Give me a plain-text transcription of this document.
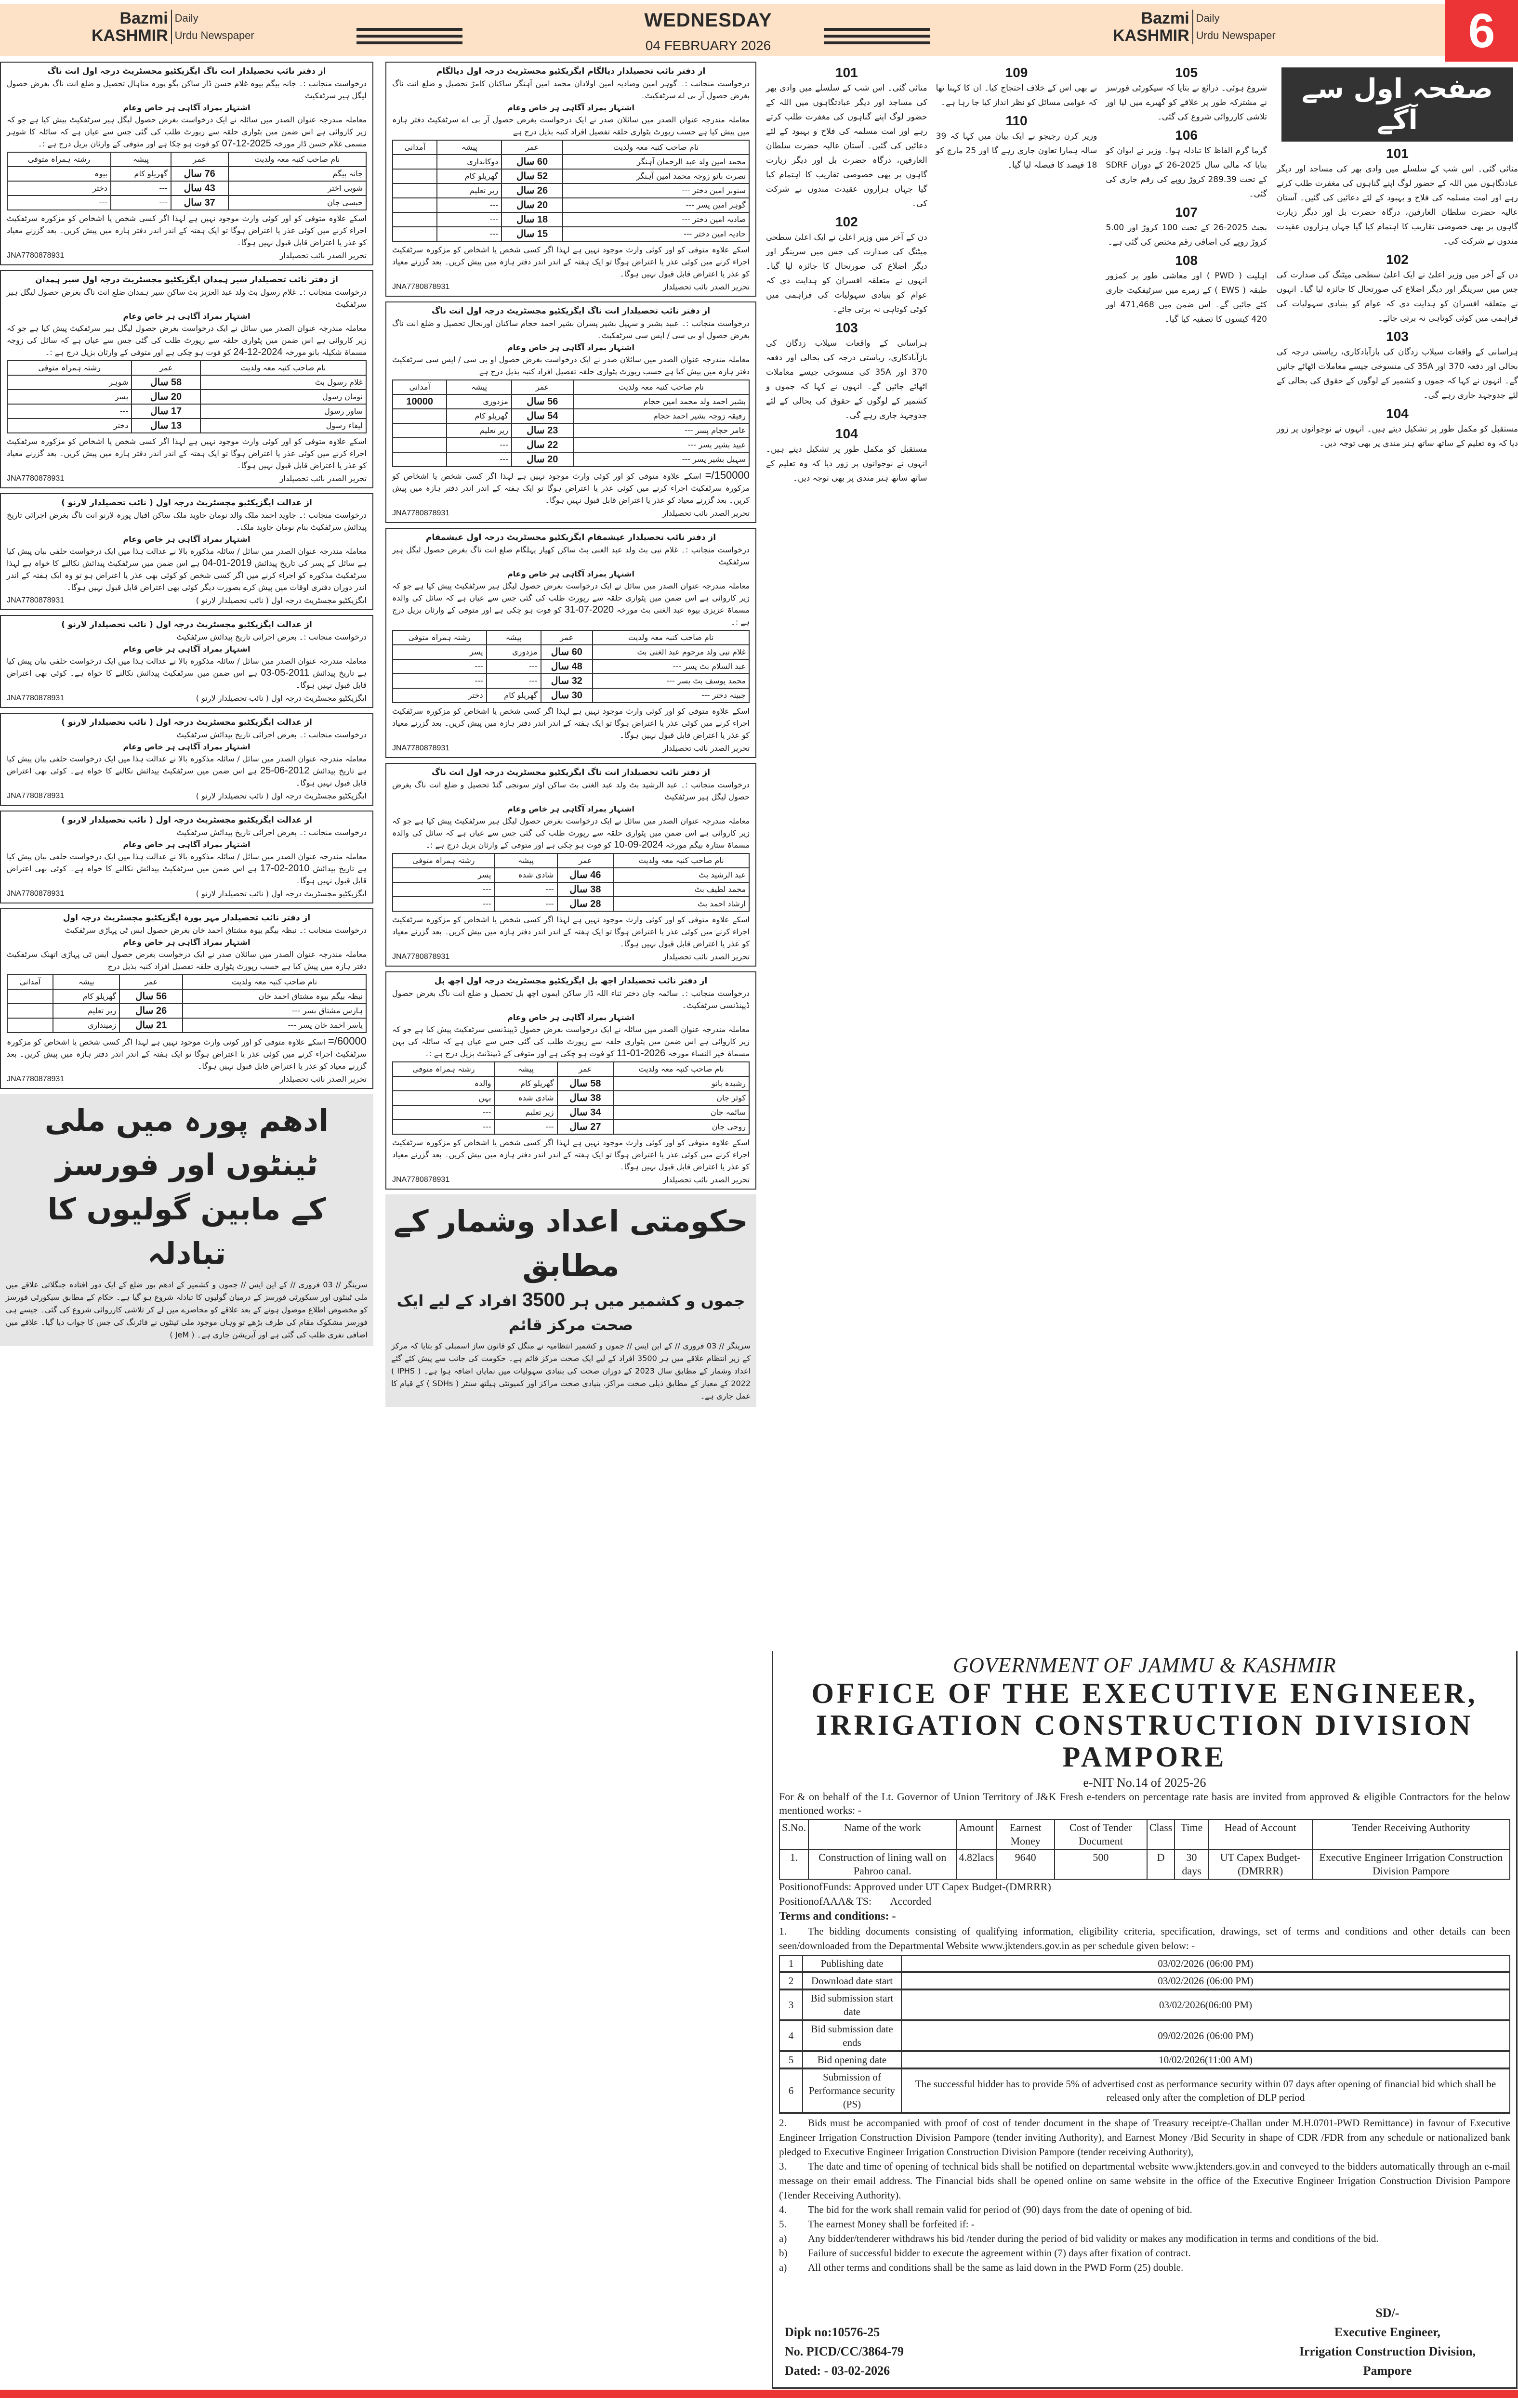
Bazmi
KASHMIR
Daily
Urdu Newspaper
WEDNESDAY
04 FEBRUARY 2026
Bazmi
KASHMIR
Daily
Urdu Newspaper	6
از دفتر نائب تحصیلدار انت ناگ ایگزیکٹیو مجسٹریٹ درجہ اول انت ناگ

درخواست منجانب :۔ جانہ بیگم بیوہ غلام حسن ڈار ساکن بگو پورہ مناہال تحصیل و ضلع انت ناگ بغرض حصول لیگل ہیر سرٹفکیٹ

اشتہار بمراد آگاہی ہر خاص وعام

معاملہ مندرجہ عنوان الصدر میں سائلہ نے ایک درخواست بغرض حصول لیگل ہیر سرٹفکیٹ پیش کیا ہے جو کہ زیر کاروائی ہے اس ضمن میں پٹواری حلقہ سے رپورٹ طلب کی گئی جس سے عیاں ہے کہ سائلہ کا شوہر مسمی غلام حسن ڈار مورخہ 07-12-2025 کو فوت ہو چکا ہے اور متوفی کے وارثان بزیل درج ہے :۔

نام صاحب کنبہ معہ ولدیت	عمر	پیشہ	رشتہ ہمراہ متوفی
جانہ بیگم	76 سال	گھریلو کام	بیوہ
شوبی اختر	43 سال	---	دختر
حبسی جان	37 سال	---	---

اسکے علاوہ متوفی کو اور کوئی وارث موجود نہیں ہے لہذا اگر کسی شخص یا اشخاص کو مزکورہ سرٹفکیٹ اجراء کرنے میں کوئی عذر یا اعتراض ہوگا تو ایک ہفتہ کے اندر اندر دفتر ہازہ میں پیش کریں۔ بعد گزرنے معیاد کو عذر یا اعتراض قابل قبول نہیں ہوگا۔

تحریر الصدر نائب تحصیلدار
JNA7780878931
از دفتر نائب تحصیلدار سیر ہمدان ایگزیکٹیو مجسٹریٹ درجہ اول سیر ہمدان

درخواست منجانب :۔ غلام رسول بٹ ولد عبد العزیز بٹ ساکن سیر ہمدان ضلع انت ناگ بغرض حصول لیگل ہیر سرٹفکیٹ

اشتہار بمراد آگاہی ہر خاص وعام

معاملہ مندرجہ عنوان الصدر میں سائل نے ایک درخواست بغرض حصول لیگل ہیر سرٹفکیٹ پیش کیا ہے جو کہ زیر کاروائی ہے اس ضمن میں پٹواری حلقہ سے رپورٹ طلب کی گئی جس سے عیاں ہے کہ سائل کی زوجہ مسماۃ شکیلہ بانو مورخہ 24-12-2024 کو فوت ہو چکی ہے اور متوفی کے وارثان بزیل درج ہے :۔

نام صاحب کنبہ معہ ولدیت	عمر	رشتہ ہمراہ متوفی
غلام رسول بٹ	58 سال	شوہر
نومان رسول	20 سال	پسر
ساور رسول	17 سال	---
لیقاء رسول	13 سال	دختر

اسکے علاوہ متوفی کو اور کوئی وارث موجود نہیں ہے لہذا اگر کسی شخص یا اشخاص کو مزکورہ سرٹفکیٹ اجراء کرنے میں کوئی عذر یا اعتراض ہوگا تو ایک ہفتہ کے اندر اندر دفتر ہازہ میں پیش کریں۔ بعد گزرنے معیاد کو عذر یا اعتراض قابل قبول نہیں ہوگا۔

تحریر الصدر نائب تحصیلدار
JNA7780878931
از عدالت ایگزیکٹیو مجسٹریٹ درجہ اول ( نائب تحصیلدار لارنو )

درخواست منجانب :۔ جاوید احمد ملک والد نومان جاوید ملک ساکن اقبال پورہ لارنو انت ناگ بغرض اجرائی تاریخ پیدائش سرٹفکیٹ بنام نومان جاوید ملک۔

اشتہار بمراد آگاہی ہر خاص وعام

معاملہ مندرجہ عنوان الصدر میں سائل / سائلہ مذکورہ بالا نے عدالت ہذا میں ایک درخواست حلفی بیان پیش کیا ہے سائل کے پسر کی تاریخ پیدائش 04-01-2019 ہے اس ضمن میں سرٹفکیٹ پیدائش نکالنے کا خواہ ہے لہذا سرٹفکیٹ مذکورہ کو اجراء کرنے میں اگر کسی شخص کو کوئی بھی عذر یا اعتراض ہو تو وہ ایک ہفتہ کے اندر اندر دوران دفتری اوقات میں پیش کرے بصورت دیگر کوئی بھی اعتراض قابل قبول نہیں ہوگا۔

ایگزیکٹیو مجسٹریٹ درجہ اول ( نائب تحصیلدار لارنو )
JNA7780878931
از عدالت ایگزیکٹیو مجسٹریٹ درجہ اول ( نائب تحصیلدار لارنو )

درخواست منجانب :۔ بعرض اجرائی تاریخ پیدائش سرٹفکیٹ

اشتہار بمراد آگاہی ہر خاص وعام

معاملہ مندرجہ عنوان الصدر میں سائل / سائلہ مذکورہ بالا نے عدالت ہذا میں ایک درخواست حلفی بیان پیش کیا ہے تاریخ پیدائش 03-05-2011 ہے اس ضمن میں سرٹفکیٹ پیدائش نکالنے کا خواہ ہے۔ کوئی بھی اعتراض قابل قبول نہیں ہوگا۔

ایگزیکٹیو مجسٹریٹ درجہ اول ( نائب تحصیلدار لارنو )
JNA7780878931
از عدالت ایگزیکٹیو مجسٹریٹ درجہ اول ( نائب تحصیلدار لارنو )

درخواست منجانب :۔ بعرض اجرائی تاریخ پیدائش سرٹفکیٹ

اشتہار بمراد آگاہی ہر خاص وعام

معاملہ مندرجہ عنوان الصدر میں سائل / سائلہ مذکورہ بالا نے عدالت ہذا میں ایک درخواست حلفی بیان پیش کیا ہے تاریخ پیدائش 25-06-2012 ہے اس ضمن میں سرٹفکیٹ پیدائش نکالنے کا خواہ ہے۔ کوئی بھی اعتراض قابل قبول نہیں ہوگا۔

ایگزیکٹیو مجسٹریٹ درجہ اول ( نائب تحصیلدار لارنو )
JNA7780878931
از عدالت ایگزیکٹیو مجسٹریٹ درجہ اول ( نائب تحصیلدار لارنو )

درخواست منجانب :۔ بعرض اجرائی تاریخ پیدائش سرٹفکیٹ

اشتہار بمراد آگاہی ہر خاص وعام

معاملہ مندرجہ عنوان الصدر میں سائل / سائلہ مذکورہ بالا نے عدالت ہذا میں ایک درخواست حلفی بیان پیش کیا ہے تاریخ پیدائش 17-02-2010 ہے اس ضمن میں سرٹفکیٹ پیدائش نکالنے کا خواہ ہے۔ کوئی بھی اعتراض قابل قبول نہیں ہوگا۔

ایگزیکٹیو مجسٹریٹ درجہ اول ( نائب تحصیلدار لارنو )
JNA7780878931
از دفتر نائب تحصیلدار مہر پورہ ایگزیکٹیو مجسٹریٹ درجہ اول

درخواست منجانب :۔ نبظہ بیگم بیوہ مشتاق احمد خان بغرض حصول ایس ٹی پہاڑی سرٹفکیٹ

اشتہار بمراد آگاہی ہر خاص وعام

معاملہ مندرجہ عنوان الصدر میں سائلان صدر نے ایک درخواست بغرض حصول ایس ٹی پہاڑی اتھنک سرٹفکیٹ دفتر ہازہ میں پیش کیا ہے حسب رپورٹ پٹواری حلقہ تفصیل افراد کنبہ بذیل درج

نام صاحب کنبہ معہ ولدیت	عمر	پیشہ	آمدانی
نبظہ بیگم بیوہ مشتاق احمد خان	56 سال	گھریلو کام	
ہارس مشتاق پسر ---	26 سال	زیر تعلیم	
یاسر احمد خان پسر ---	21 سال	زمینداری	

60000/= اسکے علاوہ متوفی کو اور کوئی وارث موجود نہیں ہے لہذا اگر کسی شخص یا اشخاص کو مزکورہ سرٹفکیٹ اجراء کرنے میں کوئی عذر یا اعتراض ہوگا تو ایک ہفتہ کے اندر اندر دفتر ہازہ میں پیش کریں۔ بعد گزرنے معیاد کو عذر یا اعتراض قابل قبول نہیں ہوگا۔

تحریر الصدر نائب تحصیلدار
JNA7780878931
ادھم پورہ میں ملی ٹینٹوں اور فورسز
کے مابین گولیوں کا تبادلہ
سرینگر // 03 فروری // کے این ایس // جموں و کشمیر کے ادھم پور ضلع کے ایک دور افتادہ جنگلاتی علاقے میں ملی ٹینٹوں اور سیکورٹی فورسز کے درمیان گولیوں کا تبادلہ شروع ہو گیا ہے۔ حکام کے مطابق سیکورٹی فورسز کو مخصوص اطلاع موصول ہونے کے بعد علاقے کو محاصرے میں لے کر تلاشی کارروائی شروع کی گئی۔ جیسے ہی فورسز مشکوک مقام کی طرف بڑھے تو وہاں موجود ملی ٹینٹوں نے فائرنگ کی جس کا جواب دیا گیا۔ علاقے میں اضافی نفری طلب کی گئی ہے اور آپریشن جاری ہے۔ ( JeM )
از دفتر نائب تحصیلدار دیالگام ایگزیکٹیو مجسٹریٹ درجہ اول دیالگام

درخواست منجانب :۔ گوہر امین وصادیہ امین اولادان محمد امین آہنگر ساکنان کامڑ تحصیل و ضلع انت ناگ بغرض حصول آر بی اے سرٹفکیٹ۔

اشتہار بمراد آگاہی ہر خاص وعام

معاملہ مندرجہ عنوان الصدر میں سائلان صدر نے ایک درخواست بغرض حصول آر بی اے سرٹفکیٹ دفتر ہازہ میں پیش کیا ہے حسب رپورٹ پٹواری حلقہ تفصیل افراد کنبہ بذیل درج ہے

نام صاحب کنبہ معہ ولدیت	عمر	پیشہ	آمدانی
محمد امین ولد عبد الرحمان آہنگر	60 سال	دوکانداری	
نصرت بانو زوجہ محمد امین آہنگر	52 سال	گھریلو کام	
سنوبر امین دختر ---	26 سال	زیر تعلیم	
گوہر امین پسر ---	20 سال	---	
صادیہ امین دختر ---	18 سال	---	
حادیہ امین دختر ---	15 سال	---	

اسکے علاوہ متوفی کو اور کوئی وارث موجود نہیں ہے لہذا اگر کسی شخص یا اشخاص کو مزکورہ سرٹفکیٹ اجراء کرنے میں کوئی عذر یا اعتراض ہوگا تو ایک ہفتہ کے اندر اندر دفتر ہازہ میں پیش کریں۔ بعد گزرنے معیاد کو عذر یا اعتراض قابل قبول نہیں ہوگا۔

تحریر الصدر نائب تحصیلدار
JNA7780878931
از دفتر نائب تحصیلدار انت ناگ ایگزیکٹیو مجسٹریٹ درجہ اول انت ناگ

درخواست منجانب :۔ عبید بشیر و سہیل بشیر پسران بشیر احمد حجام ساکنان اورنجال تحصیل و ضلع انت ناگ بغرض حصول او بی سی / ایس سی سرٹفکیٹ۔

اشتہار بمراد آگاہی ہر خاص وعام

معاملہ مندرجہ عنوان الصدر میں سائلان صدر نے ایک درخواست بغرض حصول او بی سی / ایس سی سرٹفکیٹ دفتر ہازہ میں پیش کیا ہے حسب رپورٹ پٹواری حلقہ تفصیل افراد کنبہ بذیل درج ہے

نام صاحب کنبہ معہ ولدیت	عمر	پیشہ	آمدانی
بشیر احمد ولد محمد امین حجام	56 سال	مزدوری	10000
رفیقہ زوجہ بشیر احمد حجام	54 سال	گھریلو کام	
عامر حجام پسر ---	23 سال	زیر تعلیم	
عبید بشیر پسر ---	22 سال	---	
سہیل بشیر پسر ---	20 سال	---	

150000/= اسکے علاوہ متوفی کو اور کوئی وارث موجود نہیں ہے لہذا اگر کسی شخص یا اشخاص کو مزکورہ سرٹفکیٹ اجراء کرنے میں کوئی عذر یا اعتراض ہوگا تو ایک ہفتہ کے اندر اندر دفتر ہازہ میں پیش کریں۔ بعد گزرنے معیاد کو عذر یا اعتراض قابل قبول نہیں ہوگا۔

تحریر الصدر نائب تحصیلدار
JNA7780878931
از دفتر نائب تحصیلدار عیشمقام ایگزیکٹیو مجسٹریٹ درجہ اول عیشمقام

درخواست منجانب :۔ غلام نبی بٹ ولد عبد الغنی بٹ ساکن کھیار پہلگام ضلع انت ناگ بغرض حصول لیگل ہیر سرٹفکیٹ

اشتہار بمراد آگاہی ہر خاص وعام

معاملہ مندرجہ عنوان الصدر میں سائل نے ایک درخواست بغرض حصول لیگل ہیر سرٹفکیٹ پیش کیا ہے جو کہ زیر کاروائی ہے اس ضمن میں پٹواری حلقہ سے رپورٹ طلب کی گئی جس سے عیاں ہے کہ سائل کی والدہ مسماۃ عزیزی بیوہ عبد الغنی بٹ مورخہ 31-07-2020 کو فوت ہو چکی ہے اور متوفی کے وارثان بزیل درج ہے :۔

نام صاحب کنبہ معہ ولدیت	عمر	پیشہ	رشتہ ہمراہ متوفی
غلام نبی ولد مرحوم عبد الغنی بٹ	60 سال	مزدوری	پسر
عبد السلام بٹ پسر ---	48 سال	---	---
محمد یوسف بٹ پسر ---	32 سال	---	---
جبینہ دختر ---	30 سال	گھریلو کام	دختر

اسکے علاوہ متوفی کو اور کوئی وارث موجود نہیں ہے لہذا اگر کسی شخص یا اشخاص کو مزکورہ سرٹفکیٹ اجراء کرنے میں کوئی عذر یا اعتراض ہوگا تو ایک ہفتہ کے اندر اندر دفتر ہازہ میں پیش کریں۔ بعد گزرنے معیاد کو عذر یا اعتراض قابل قبول نہیں ہوگا۔

تحریر الصدر نائب تحصیلدار
JNA7780878931
از دفتر نائب تحصیلدار انت ناگ ایگزیکٹیو مجسٹریٹ درجہ اول انت ناگ

درخواست منجانب :۔ عبد الرشید بٹ ولد عبد الغنی بٹ ساکن اوتر سونجی گنڈ تحصیل و ضلع انت ناگ بغرض حصول لیگل ہیر سرٹفکیٹ

اشتہار بمراد آگاہی ہر خاص وعام

معاملہ مندرجہ عنوان الصدر میں سائل نے ایک درخواست بغرض حصول لیگل ہیر سرٹفکیٹ پیش کیا ہے جو کہ زیر کاروائی ہے اس ضمن میں پٹواری حلقہ سے رپورٹ طلب کی گئی جس سے عیاں ہے کہ سائل کی والدہ مسماۃ ستارہ بیگم مورخہ 10-09-2024 کو فوت ہو چکی ہے اور متوفی کے وارثان بزیل درج ہے :۔

نام صاحب کنبہ معہ ولدیت	عمر	پیشہ	رشتہ ہمراہ متوفی
عبد الرشید بٹ	46 سال	شادی شدہ	پسر
محمد لطیف بٹ	38 سال	---	---
ارشاد احمد بٹ	28 سال	---	---

اسکے علاوہ متوفی کو اور کوئی وارث موجود نہیں ہے لہذا اگر کسی شخص یا اشخاص کو مزکورہ سرٹفکیٹ اجراء کرنے میں کوئی عذر یا اعتراض ہوگا تو ایک ہفتہ کے اندر اندر دفتر ہازہ میں پیش کریں۔ بعد گزرنے معیاد کو عذر یا اعتراض قابل قبول نہیں ہوگا۔

تحریر الصدر نائب تحصیلدار
JNA7780878931
از دفتر نائب تحصیلدار اچھ بل ایگزیکٹیو مجسٹریٹ درجہ اول اچھ بل

درخواست منجانب :۔ سائمہ جان دختر ثناء اللہ ڈار ساکن ایموں اچھ بل تحصیل و ضلع انت ناگ بغرض حصول ڈیپنڈنسی سرٹفکیٹ۔

اشتہار بمراد آگاہی ہر خاص وعام

معاملہ مندرجہ عنوان الصدر میں سائلہ نے ایک درخواست بغرض حصول ڈیپنڈنسی سرٹفکیٹ پیش کیا ہے جو کہ زیر کاروائی ہے اس ضمن میں پٹواری حلقہ سے رپورٹ طلب کی گئی جس سے عیاں ہے کہ سائلہ کی بہن مسماۃ خیر النساء مورخہ 11-01-2026 کو فوت ہو چکی ہے اور متوفی کے ڈیپنڈنٹ بزیل درج ہے :۔

نام صاحب کنبہ معہ ولدیت	عمر	پیشہ	رشتہ ہمراہ متوفی
رشیدہ بانو	58 سال	گھریلو کام	والدہ
کوثر جان	38 سال	شادی شدہ	بہن
سائمہ جان	34 سال	زیر تعلیم	---
روحی جان	27 سال	---	---

اسکے علاوہ متوفی کو اور کوئی وارث موجود نہیں ہے لہذا اگر کسی شخص یا اشخاص کو مزکورہ سرٹفکیٹ اجراء کرنے میں کوئی عذر یا اعتراض ہوگا تو ایک ہفتہ کے اندر اندر دفتر ہازہ میں پیش کریں۔ بعد گزرنے معیاد کو عذر یا اعتراض قابل قبول نہیں ہوگا۔

تحریر الصدر نائب تحصیلدار
JNA7780878931
حکومتی اعداد وشمار کے مطابق
جموں و کشمیر میں ہر 3500 افراد کے لیے ایک صحت مرکز قائم
سرینگر // 03 فروری // کے این ایس // جموں و کشمیر انتظامیہ نے منگل کو قانون ساز اسمبلی کو بتایا کہ مرکز کے زیر انتظام علاقے میں ہر 3500 افراد کے لیے ایک صحت مرکز قائم ہے۔ حکومت کی جانب سے پیش کئے گئے اعداد وشمار کے مطابق سال 2023 کے دوران صحت کی بنیادی سہولیات میں نمایاں اضافہ ہوا ہے۔ ( IPHS ) 2022 کے معیار کے مطابق ذیلی صحت مراکز، بنیادی صحت مراکز اور کمیونٹی ہیلتھ سنٹر ( SDHs ) کے قیام کا عمل جاری ہے۔
105

شروع ہوئی۔ ذرائع نے بتایا کہ سیکورٹی فورسز نے مشترکہ طور پر علاقے کو گھیرے میں لیا اور تلاشی کارروائی شروع کی گئی۔

106

گرما گرم الفاظ کا تبادلہ ہوا۔ وزیر نے ایوان کو بتایا کہ مالی سال 2025-26 کے دوران SDRF کے تحت 289.39 کروڑ روپے کی رقم جاری کی گئی۔

107

بجٹ 2025-26 کے تحت 100 کروڑ اور 5.00 کروڑ روپے کی اضافی رقم مختص کی گئی ہے۔

108

اہلیت ( PWD ) اور معاشی طور پر کمزور طبقہ ( EWS ) کے زمرے میں سرٹیفکیٹ جاری کئے جائیں گے۔ اس ضمن میں 471,468 اور 420 کیسوں کا تصفیہ کیا گیا۔

109

نے بھی اس کے خلاف احتجاج کیا۔ ان کا کہنا تھا کہ عوامی مسائل کو نظر انداز کیا جا رہا ہے۔

110

وزیر کرن رجیجو نے ایک بیان میں کہا کہ 39 سالہ ہمارا تعاون جاری رہے گا اور 25 مارچ کو 18 فیصد کا فیصلہ لیا گیا۔

101

منائی گئی۔ اس شب کے سلسلے میں وادی بھر کی مساجد اور دیگر عبادتگاہوں میں اللہ کے حضور لوگ اپنے گناہوں کی مغفرت طلب کرتے رہے اور امت مسلمہ کی فلاح و بہبود کے لئے دعائیں کی گئیں۔ آستان عالیہ حضرت سلطان العارفین، درگاہ حضرت بل اور دیگر زیارت گاہوں پر بھی خصوصی تقاریب کا اہتمام کیا گیا جہاں ہزاروں عقیدت مندوں نے شرکت کی۔

102

دن کے آخر میں وزیر اعلیٰ نے ایک اعلیٰ سطحی میٹنگ کی صدارت کی جس میں سرینگر اور دیگر اضلاع کی صورتحال کا جائزہ لیا گیا۔ انہوں نے متعلقہ افسران کو ہدایت دی کہ عوام کو بنیادی سہولیات کی فراہمی میں کوئی کوتاہی نہ برتی جائے۔

103

ہراسانی کے واقعات سیلاب زدگان کی بازآبادکاری، ریاستی درجہ کی بحالی اور دفعہ 370 اور 35A کی منسوخی جیسے معاملات اٹھائے جائیں گے۔ انہوں نے کہا کہ جموں و کشمیر کے لوگوں کے حقوق کی بحالی کے لئے جدوجہد جاری رہے گی۔

104

مستقبل کو مکمل طور پر تشکیل دیتے ہیں۔ انہوں نے نوجوانوں پر زور دیا کہ وہ تعلیم کے ساتھ ساتھ ہنر مندی پر بھی توجہ دیں۔

صفحہ اول سے آگے
101

منائی گئی۔ اس شب کے سلسلے میں وادی بھر کی مساجد اور دیگر عبادتگاہوں میں اللہ کے حضور لوگ اپنے گناہوں کی مغفرت طلب کرتے رہے اور امت مسلمہ کی فلاح و بہبود کے لئے دعائیں کی گئیں۔ آستان عالیہ حضرت سلطان العارفین، درگاہ حضرت بل اور دیگر زیارت گاہوں پر بھی خصوصی تقاریب کا اہتمام کیا گیا جہاں ہزاروں عقیدت مندوں نے شرکت کی۔

102

دن کے آخر میں وزیر اعلیٰ نے ایک اعلیٰ سطحی میٹنگ کی صدارت کی جس میں سرینگر اور دیگر اضلاع کی صورتحال کا جائزہ لیا گیا۔ انہوں نے متعلقہ افسران کو ہدایت دی کہ عوام کو بنیادی سہولیات کی فراہمی میں کوئی کوتاہی نہ برتی جائے۔

103

ہراسانی کے واقعات سیلاب زدگان کی بازآبادکاری، ریاستی درجہ کی بحالی اور دفعہ 370 اور 35A کی منسوخی جیسے معاملات اٹھائے جائیں گے۔ انہوں نے کہا کہ جموں و کشمیر کے لوگوں کے حقوق کی بحالی کے لئے جدوجہد جاری رہے گی۔

104

مستقبل کو مکمل طور پر تشکیل دیتے ہیں۔ انہوں نے نوجوانوں پر زور دیا کہ وہ تعلیم کے ساتھ ساتھ ہنر مندی پر بھی توجہ دیں۔

GOVERNMENT OF JAMMU & KASHMIR
OFFICE OF THE EXECUTIVE ENGINEER,
IRRIGATION CONSTRUCTION DIVISION PAMPORE
e-NIT No.14 of 2025-26
For & on behalf of the Lt. Governor of Union Territory of J&K Fresh e-tenders on percentage rate basis are invited from approved & eligible Contractors for the below mentioned works: -
S.No.	Name of the work	Amount	Earnest Money	Cost of Tender Document	Class	Time	Head of Account	Tender Receiving Authority
1.	Construction of lining wall on Pahroo canal.	4.82lacs	9640	500	D	30 days	UT Capex Budget-(DMRRR)	Executive Engineer Irrigation Construction Division Pampore
PositionofFunds: Approved under UT Capex Budget-(DMRRR)
PositionofAAA& TS: Accorded
Terms and conditions: -
1. The bidding documents consisting of qualifying information, eligibility criteria, specification, drawings, set of terms and conditions and other details can been seen/downloaded from the Departmental Website www.jktenders.gov.in as per schedule given below: -
1	Publishing date	03/02/2026 (06:00 PM)
2	Download date start	03/02/2026 (06:00 PM)
3	Bid submission start date	03/02/2026(06:00 PM)
4	Bid submission date ends	09/02/2026 (06:00 PM)
5	Bid opening date	10/02/2026(11:00 AM)
6	Submission of Performance security (PS)	The successful bidder has to provide 5% of advertised cost as performance security within 07 days after opening of financial bid which shall be released only after the completion of DLP period
2. Bids must be accompanied with proof of cost of tender document in the shape of Treasury receipt/e-Challan under M.H.0701-PWD Remittance) in favour of Executive Engineer Irrigation Construction Division Pampore (tender inviting Authority), and Earnest Money /Bid Security in shape of CDR /FDR from any schedule or nationalized bank pledged to Executive Engineer Irrigation Construction Division Pampore (tender receiving Authority),
3. The date and time of opening of technical bids shall be notified on departmental website www.jktenders.gov.in and conveyed to the bidders automatically through an e-mail message on their email address. The Financial bids shall be opened online on same website in the office of the Executive Engineer Irrigation Construction Division Pampore (Tender Receiving Authority).
4. The bid for the work shall remain valid for period of (90) days from the date of opening of bid.
5. The earnest Money shall be forfeited if: -
a) Any bidder/tenderer withdraws his bid /tender during the period of bid validity or makes any modification in terms and conditions of the bid.
b) Failure of successful bidder to execute the agreement within (7) days after fixation of contract.
a) All other terms and conditions shall be the same as laid down in the PWD Form (25) double.
Dipk no:10576-25
No. PICD/CC/3864-79
Dated: - 03-02-2026
SD/-
Executive Engineer,
Irrigation Construction Division,
Pampore
